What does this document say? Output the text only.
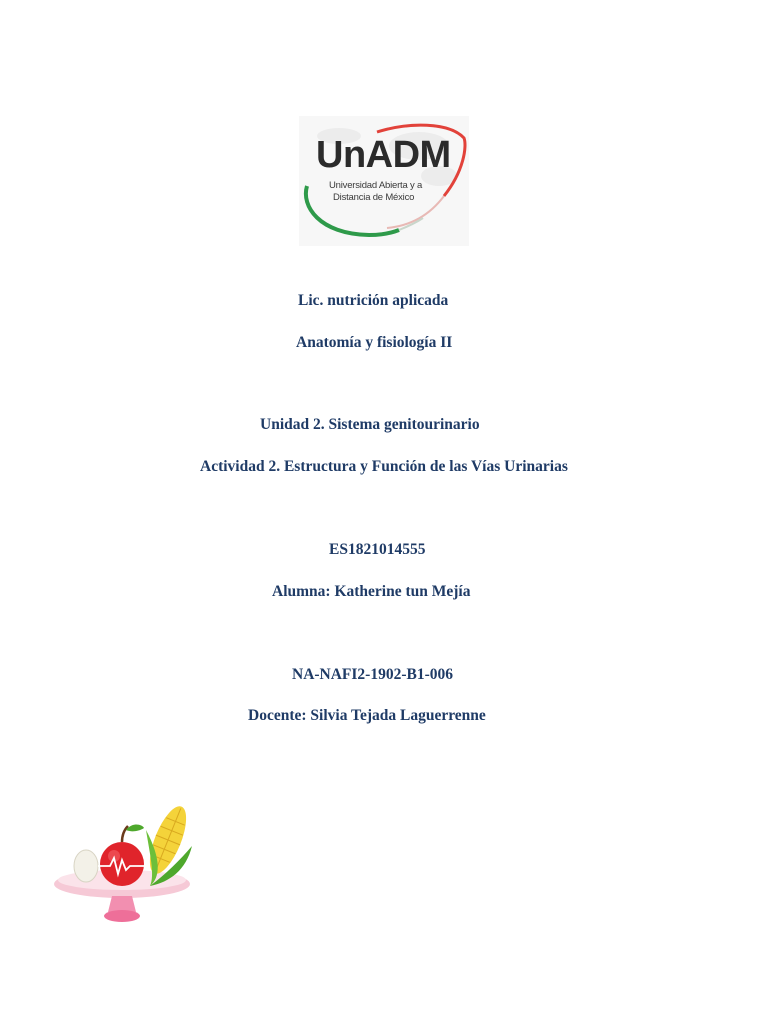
UnADM
Universidad Abierta y a
Distancia de México
Lic. nutrición aplicada
Anatomía y fisiología II
Unidad 2. Sistema genitourinario
Actividad 2. Estructura y Función de las Vías Urinarias
ES1821014555
Alumna: Katherine tun Mejía
NA-NAFI2-1902-B1-006
Docente: Silvia Tejada Laguerrenne
